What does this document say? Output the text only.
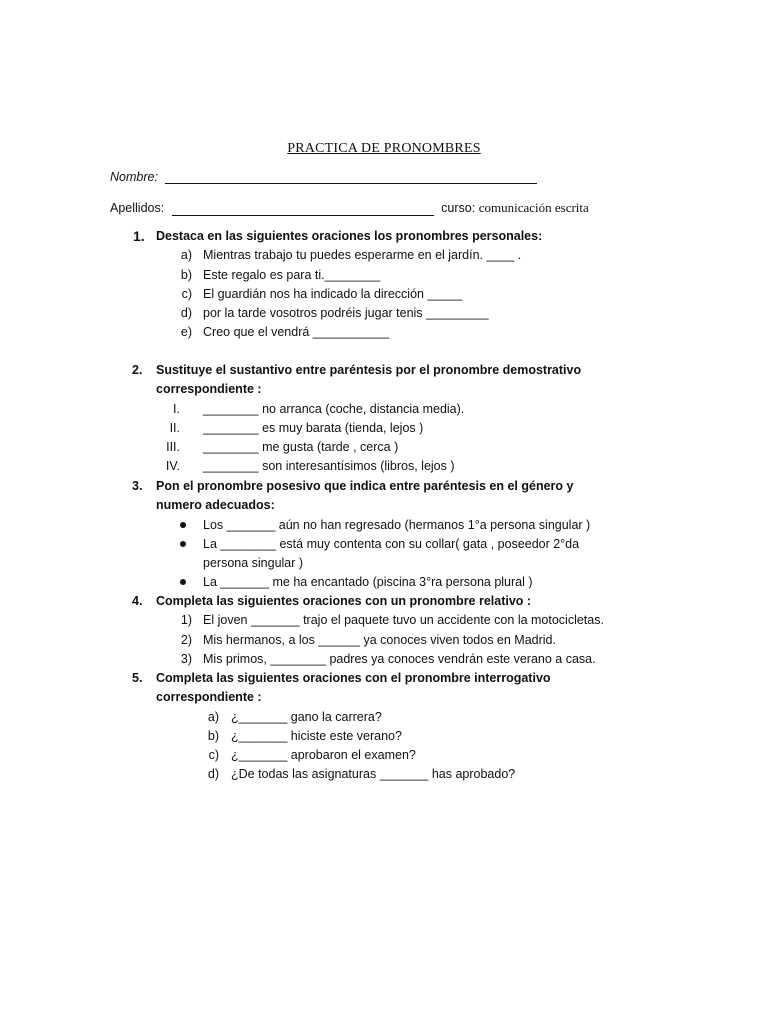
PRACTICA DE PRONOMBRES
Nombre:
Apellidos:	curso: comunicación escrita
1. Destaca en las siguientes oraciones los pronombres personales:
a) Mientras trabajo tu puedes esperarme en el jardín. ____ .
b) Este regalo es para ti.________
c) El guardián nos ha indicado la dirección _____
d) por la tarde vosotros podréis jugar tenis _________
e) Creo que el vendrá ___________
2.	Sustituye el sustantivo entre paréntesis por el pronombre demostrativo
correspondiente :
I. ________ no arranca (coche, distancia media).
II. ________ es muy barata (tienda, lejos )
III. ________ me gusta (tarde , cerca )
IV. ________ son interesantísimos (libros, lejos )
3.	Pon el pronombre posesivo que indica entre paréntesis en el género y
numero adecuados:
Los _______ aún no han regresado (hermanos 1°a persona singular )
La ________ está muy contenta con su collar( gata , poseedor 2°da
persona singular )
La _______ me ha encantado (piscina 3°ra persona plural )
4.	Completa las siguientes oraciones con un pronombre relativo :
1) El joven _______ trajo el paquete tuvo un accidente con la motocicletas.
2) Mis hermanos, a los ______ ya conoces viven todos en Madrid.
3) Mis primos, ________ padres ya conoces vendrán este verano a casa.
5.	Completa las siguientes oraciones con el pronombre interrogativo
correspondiente :
a) ¿_______ gano la carrera?
b) ¿_______ hiciste este verano?
c) ¿_______ aprobaron el examen?
d) ¿De todas las asignaturas _______ has aprobado?
